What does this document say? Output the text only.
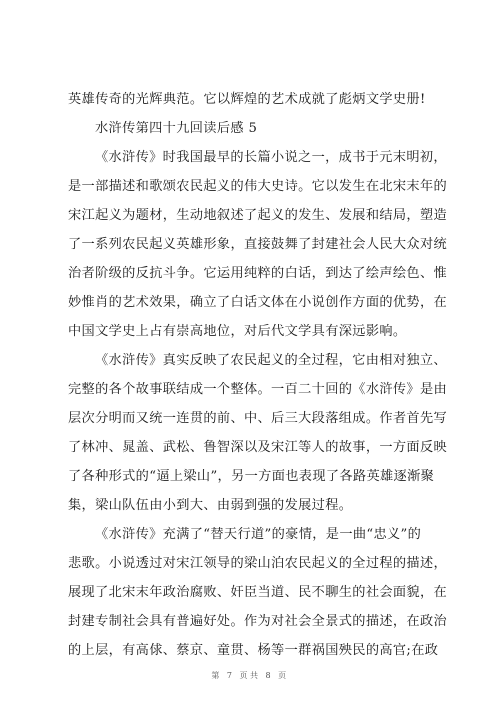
英雄传奇的光辉典范。它以辉煌的艺术成就了彪炳文学史册!
水浒传第四十九回读后感 5
《水浒传》时我国最早的长篇小说之一，成书于元末明初，
是一部描述和歌颂农民起义的伟大史诗。它以发生在北宋末年的
宋江起义为题材，生动地叙述了起义的发生、发展和结局，塑造
了一系列农民起义英雄形象，直接鼓舞了封建社会人民大众对统
治者阶级的反抗斗争。它运用纯粹的白话，到达了绘声绘色、惟
妙惟肖的艺术效果，确立了白话文体在小说创作方面的优势，在
中国文学史上占有崇高地位，对后代文学具有深远影响。
《水浒传》真实反映了农民起义的全过程，它由相对独立、
完整的各个故事联结成一个整体。一百二十回的《水浒传》是由
层次分明而又统一连贯的前、中、后三大段落组成。作者首先写
了林冲、晁盖、武松、鲁智深以及宋江等人的故事，一方面反映
了各种形式的“逼上梁山”，另一方面也表现了各路英雄逐渐聚
集，梁山队伍由小到大、由弱到强的发展过程。
《水浒传》充满了“替天行道”的豪情，是一曲“忠义”的
悲歌。小说透过对宋江领导的梁山泊农民起义的全过程的描述，
展现了北宋末年政治腐败、奸臣当道、民不聊生的社会面貌，在
封建专制社会具有普遍好处。作为对社会全景式的描述，在政治
的上层，有高俅、蔡京、童贯、杨等一群祸国殃民的高官;在政
第 7 页共 8 页
